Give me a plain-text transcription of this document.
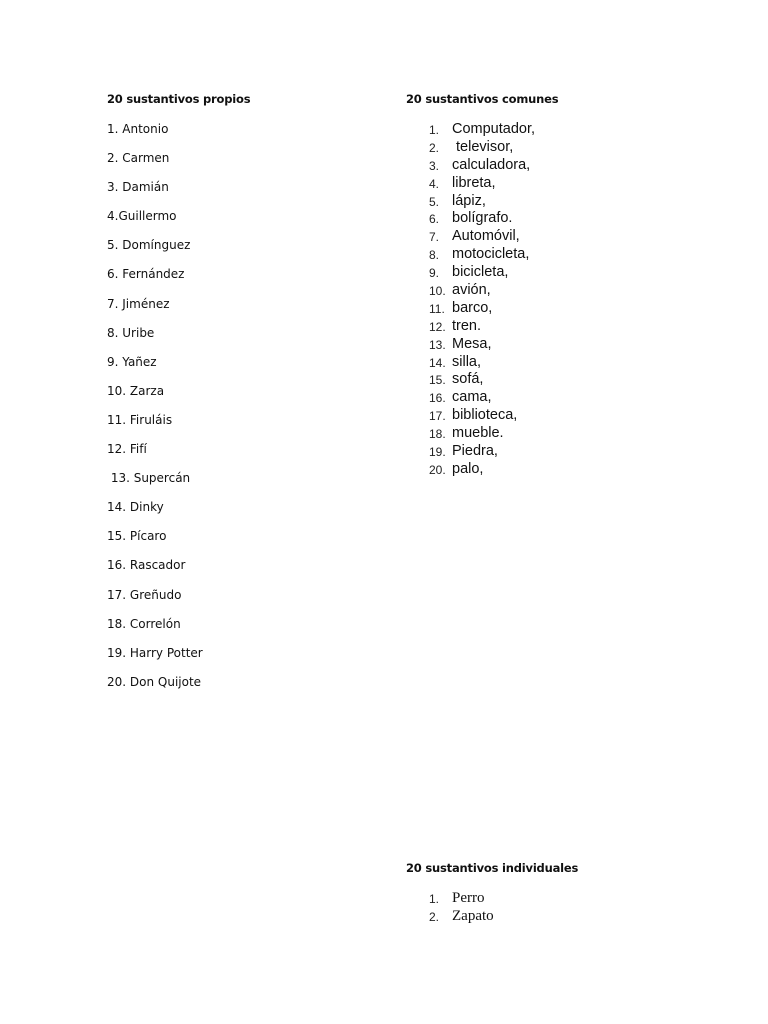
20 sustantivos propios
1. Antonio
2. Carmen
3. Damián
4.Guillermo
5. Domínguez
6. Fernández
7. Jiménez
8. Uribe
9. Yañez
10. Zarza
11. Firuláis
12. Fifí
13. Supercán
14. Dinky
15. Pícaro
16. Rascador
17. Greñudo
18. Correlón
19. Harry Potter
20. Don Quijote
20 sustantivos comunes
1. Computador,
2. televisor,
3. calculadora,
4. libreta,
5. lápiz,
6. bolígrafo.
7. Automóvil,
8. motocicleta,
9. bicicleta,
10. avión,
11. barco,
12. tren.
13. Mesa,
14. silla,
15. sofá,
16. cama,
17. biblioteca,
18. mueble.
19. Piedra,
20. palo,
20 sustantivos individuales
1. Perro
2. Zapato
